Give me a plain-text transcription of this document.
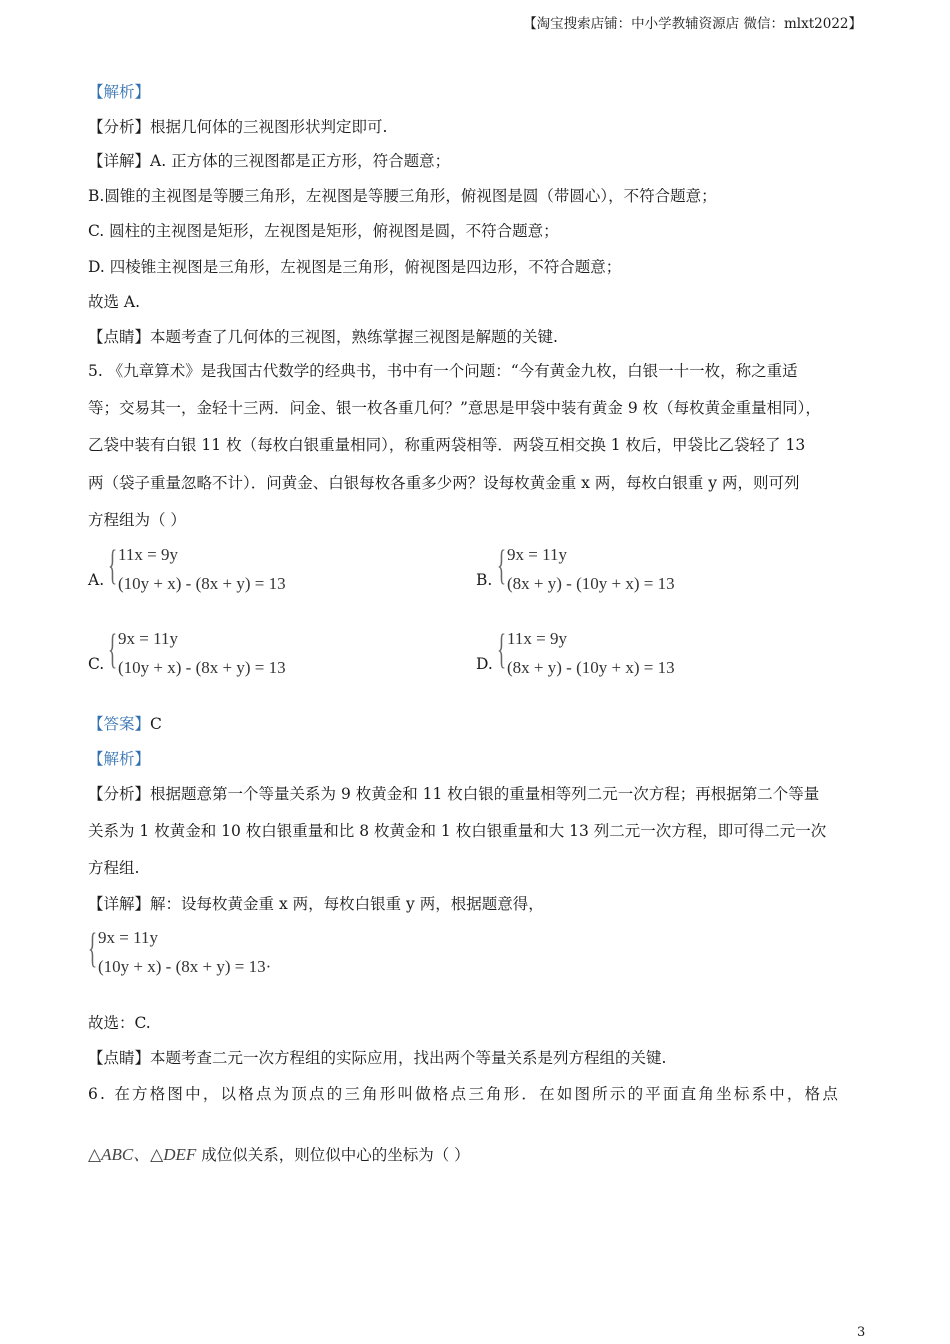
【淘宝搜索店铺：中小学教辅资源店 微信：mlxt2022】
【解析】
【分析】根据几何体的三视图形状判定即可.
【详解】A. 正方体的三视图都是正方形，符合题意；
B.圆锥的主视图是等腰三角形，左视图是等腰三角形，俯视图是圆（带圆心），不符合题意；
C. 圆柱的主视图是矩形，左视图是矩形，俯视图是圆，不符合题意；
D. 四棱锥主视图是三角形，左视图是三角形，俯视图是四边形，不符合题意；
故选 A.
【点睛】本题考查了几何体的三视图，熟练掌握三视图是解题的关键.
5. 《九章算术》是我国古代数学的经典书，书中有一个问题：“今有黄金九枚，白银一十一枚，称之重适
等；交易其一，金轻十三两．问金、银一枚各重几何？”意思是甲袋中装有黄金 9 枚（每枚黄金重量相同），
乙袋中装有白银 11 枚（每枚白银重量相同），称重两袋相等．两袋互相交换 1 枚后，甲袋比乙袋轻了 13
两（袋子重量忽略不计）．问黄金、白银每枚各重多少两？设每枚黄金重 x 两，每枚白银重 y 两，则可列
方程组为（ ）
A. { 11x = 9y
(10y + x) - (8x + y) = 13	B. { 9x = 11y
(8x + y) - (10y + x) = 13
C. { 9x = 11y
(10y + x) - (8x + y) = 13	D. { 11x = 9y
(8x + y) - (10y + x) = 13
【答案】C
【解析】
【分析】根据题意第一个等量关系为 9 枚黄金和 11 枚白银的重量相等列二元一次方程；再根据第二个等量
关系为 1 枚黄金和 10 枚白银重量和比 8 枚黄金和 1 枚白银重量和大 13 列二元一次方程，即可得二元一次
方程组.
【详解】解：设每枚黄金重 x 两，每枚白银重 y 两，根据题意得，
{ 9x = 11y
(10y + x) - (8x + y) = 13·
故选：C.
【点睛】本题考查二元一次方程组的实际应用，找出两个等量关系是列方程组的关键.
6. 在方格图中，以格点为顶点的三角形叫做格点三角形．在如图所示的平面直角坐标系中，格点
△ABC、△DEF 成位似关系，则位似中心的坐标为（ ）
3
